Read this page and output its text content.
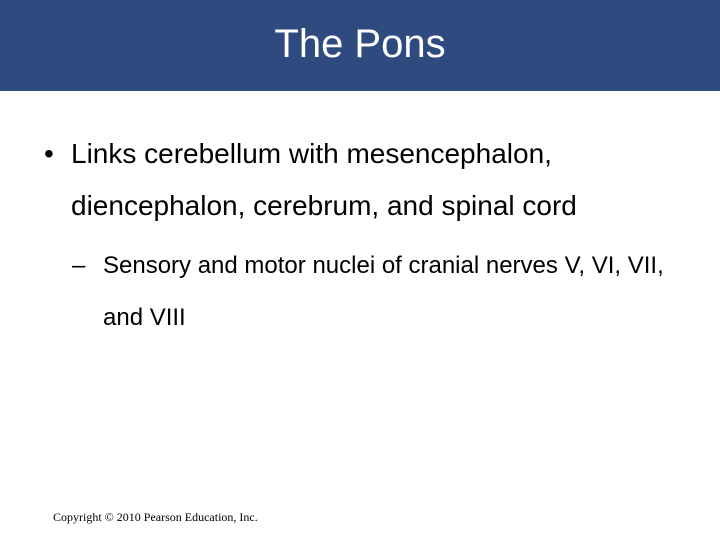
The Pons
• Links cerebellum with mesencephalon, diencephalon, cerebrum, and spinal cord
– Sensory and motor nuclei of cranial nerves V, VI, VII, and VIII
Copyright © 2010 Pearson Education, Inc.
